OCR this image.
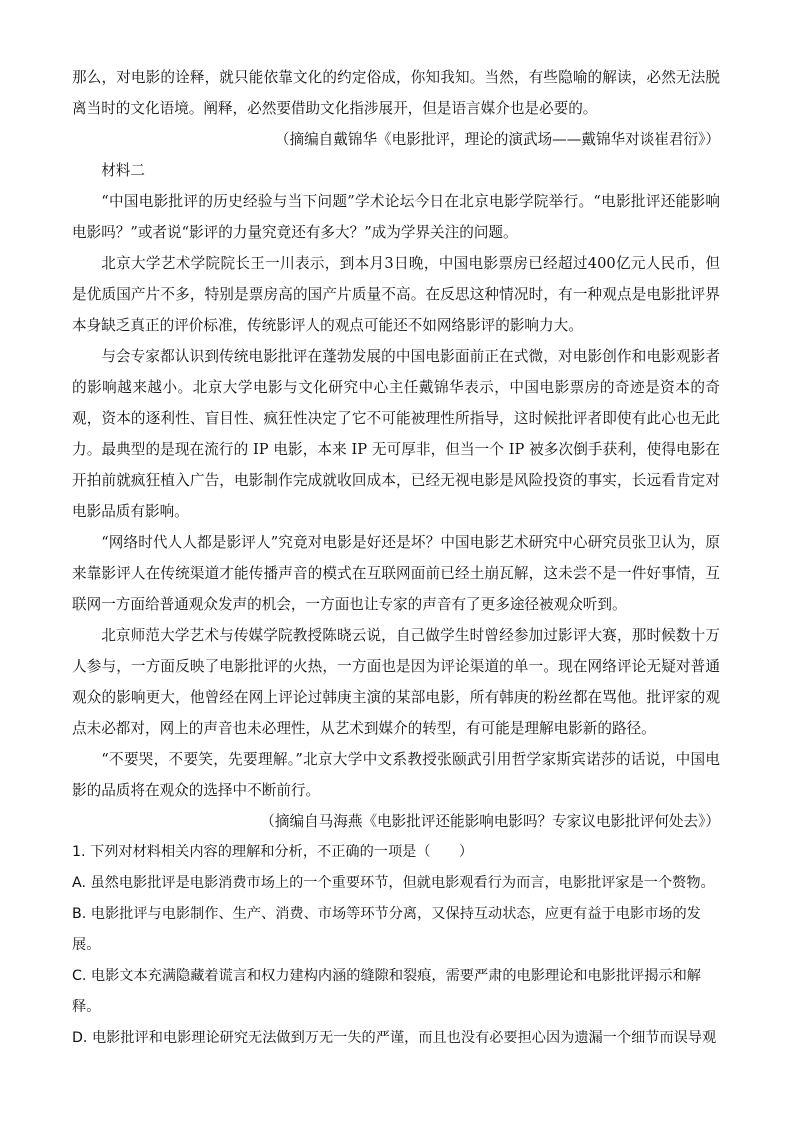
那么，对电影的诠释，就只能依靠文化的约定俗成，你知我知。当然，有些隐喻的解读，必然无法脱离当时的文化语境。阐释，必然要借助文化指涉展开，但是语言媒介也是必要的。

（摘编自戴锦华《电影批评，理论的演武场——戴锦华对谈崔君衍》）

材料二

“中国电影批评的历史经验与当下问题”学术论坛今日在北京电影学院举行。“电影批评还能影响电影吗？”或者说“影评的力量究竟还有多大？”成为学界关注的问题。

北京大学艺术学院院长王一川表示，到本月3日晚，中国电影票房已经超过400亿元人民币，但是优质国产片不多，特别是票房高的国产片质量不高。在反思这种情况时，有一种观点是电影批评界本身缺乏真正的评价标准，传统影评人的观点可能还不如网络影评的影响力大。

与会专家都认识到传统电影批评在蓬勃发展的中国电影面前正在式微，对电影创作和电影观影者的影响越来越小。北京大学电影与文化研究中心主任戴锦华表示，中国电影票房的奇迹是资本的奇观，资本的逐利性、盲目性、疯狂性决定了它不可能被理性所指导，这时候批评者即使有此心也无此力。最典型的是现在流行的 IP 电影，本来 IP 无可厚非，但当一个 IP 被多次倒手获利，使得电影在开拍前就疯狂植入广告，电影制作完成就收回成本，已经无视电影是风险投资的事实，长远看肯定对电影品质有影响。

“网络时代人人都是影评人”究竟对电影是好还是坏？中国电影艺术研究中心研究员张卫认为，原来靠影评人在传统渠道才能传播声音的模式在互联网面前已经土崩瓦解，这未尝不是一件好事情，互联网一方面给普通观众发声的机会，一方面也让专家的声音有了更多途径被观众听到。

北京师范大学艺术与传媒学院教授陈晓云说，自己做学生时曾经参加过影评大赛，那时候数十万人参与，一方面反映了电影批评的火热，一方面也是因为评论渠道的单一。现在网络评论无疑对普通观众的影响更大，他曾经在网上评论过韩庚主演的某部电影，所有韩庚的粉丝都在骂他。批评家的观点未必都对，网上的声音也未必理性，从艺术到媒介的转型，有可能是理解电影新的路径。

“不要哭，不要笑，先要理解。”北京大学中文系教授张颐武引用哲学家斯宾诺莎的话说，中国电影的品质将在观众的选择中不断前行。

（摘编自马海燕《电影批评还能影响电影吗？专家议电影批评何处去》）

1. 下列对材料相关内容的理解和分析，不正确的一项是（　　）

A. 虽然电影批评是电影消费市场上的一个重要环节，但就电影观看行为而言，电影批评家是一个赘物。

B. 电影批评与电影制作、生产、消费、市场等环节分离，又保持互动状态，应更有益于电影市场的发展。

C. 电影文本充满隐藏着谎言和权力建构内涵的缝隙和裂痕，需要严肃的电影理论和电影批评揭示和解释。

D. 电影批评和电影理论研究无法做到万无一失的严谨，而且也没有必要担心因为遗漏一个细节而误导观
